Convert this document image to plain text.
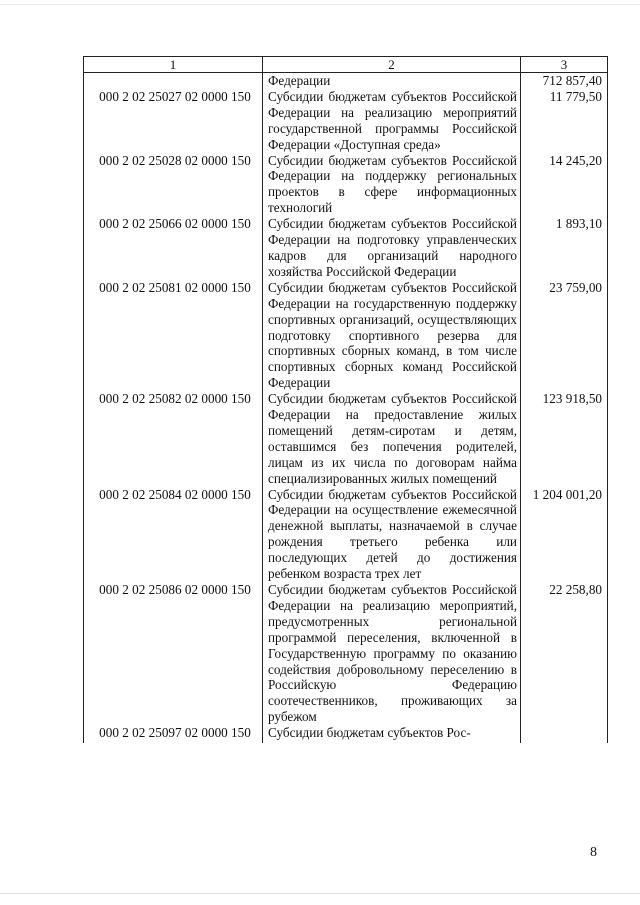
1	2	3
	Федерации	712 857,40
000 2 02 25027 02 0000 150	Субсидии бюджетам субъектов Российской Федерации на реализацию мероприятий государственной программы Российской Федерации «Доступная среда»	11 779,50
000 2 02 25028 02 0000 150	Субсидии бюджетам субъектов Российской Федерации на поддержку региональных проектов в сфере информационных технологий	14 245,20
000 2 02 25066 02 0000 150	Субсидии бюджетам субъектов Российской Федерации на подготовку управленческих кадров для организаций народного хозяйства Российской Федерации	1 893,10
000 2 02 25081 02 0000 150	Субсидии бюджетам субъектов Российской Федерации на государственную поддержку спортивных организаций, осуществляющих подготовку спортивного резерва для спортивных сборных команд, в том числе спортивных сборных команд Российской Федерации	23 759,00
000 2 02 25082 02 0000 150	Субсидии бюджетам субъектов Российской Федерации на предоставление жилых помещений детям-сиротам и детям, оставшимся без попечения родителей, лицам из их числа по договорам найма специализированных жилых помещений	123 918,50
000 2 02 25084 02 0000 150	Субсидии бюджетам субъектов Российской Федерации на осуществление ежемесячной денежной выплаты, назначаемой в случае рождения третьего ребенка или последующих детей до достижения ребенком возраста трех лет	1 204 001,20
000 2 02 25086 02 0000 150	Субсидии бюджетам субъектов Российской Федерации на реализацию мероприятий, предусмотренных региональной программой переселения, включенной в Государственную программу по оказанию содействия добровольному переселению в Российскую Федерацию соотечественников, проживающих за рубежом	22 258,80
000 2 02 25097 02 0000 150	Субсидии бюджетам субъектов Рос-	
8
